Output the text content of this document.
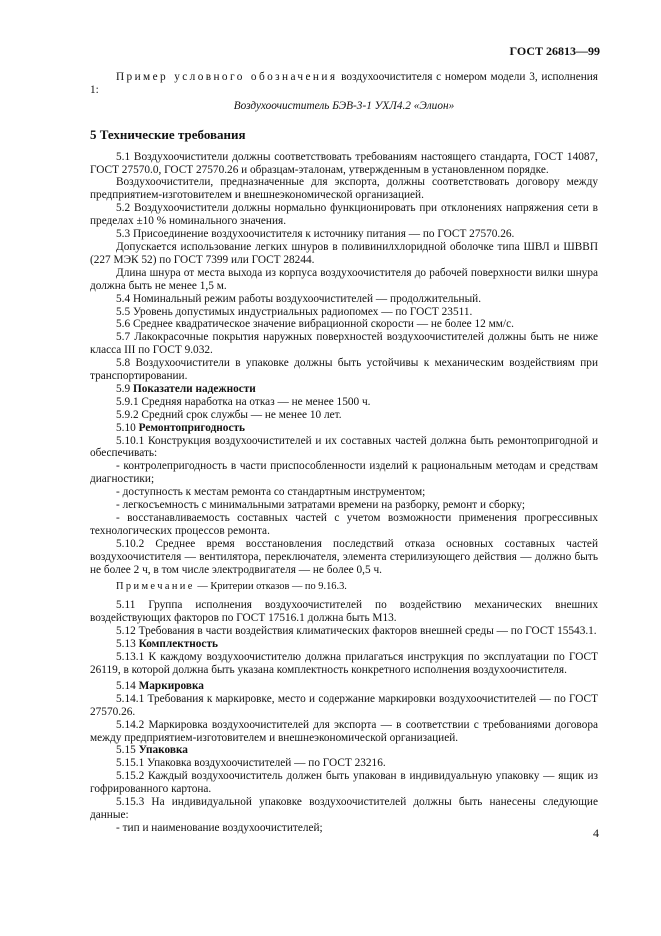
ГОСТ 26813—99

Пример условного обозначения воздухоочистителя с номером модели 3, исполнения 1:

Воздухоочиститель БЭВ-3-1 УХЛ4.2 «Элион»

5 Технические требования

5.1 Воздухоочистители должны соответствовать требованиям настоящего стандарта, ГОСТ 14087, ГОСТ 27570.0, ГОСТ 27570.26 и образцам-эталонам, утвержденным в установленном порядке.

Воздухоочистители, предназначенные для экспорта, должны соответствовать договору между предприятием-изготовителем и внешнеэкономической организацией.

5.2 Воздухоочистители должны нормально функционировать при отклонениях напряжения сети в пределах ±10 % номинального значения.

5.3 Присоединение воздухоочистителя к источнику питания — по ГОСТ 27570.26.

Допускается использование легких шнуров в поливинилхлоридной оболочке типа ШВЛ и ШВВП (227 МЭК 52) по ГОСТ 7399 или ГОСТ 28244.

Длина шнура от места выхода из корпуса воздухоочистителя до рабочей поверхности вилки шнура должна быть не менее 1,5 м.

5.4 Номинальный режим работы воздухоочистителей — продолжительный.

5.5 Уровень допустимых индустриальных радиопомех — по ГОСТ 23511.

5.6 Среднее квадратическое значение вибрационной скорости — не более 12 мм/с.

5.7 Лакокрасочные покрытия наружных поверхностей воздухоочистителей должны быть не ниже класса III по ГОСТ 9.032.

5.8 Воздухоочистители в упаковке должны быть устойчивы к механическим воздействиям при транспортировании.

5.9 Показатели надежности

5.9.1 Средняя наработка на отказ — не менее 1500 ч.

5.9.2 Средний срок службы — не менее 10 лет.

5.10 Ремонтопригодность

5.10.1 Конструкция воздухоочистителей и их составных частей должна быть ремонтопригодной и обеспечивать:

- контролепригодность в части приспособленности изделий к рациональным методам и средствам диагностики;

- доступность к местам ремонта со стандартным инструментом;

- легкосъемность с минимальными затратами времени на разборку, ремонт и сборку;

- восстанавливаемость составных частей с учетом возможности применения прогрессивных технологических процессов ремонта.

5.10.2 Среднее время восстановления последствий отказа основных составных частей воздухоочистителя — вентилятора, переключателя, элемента стерилизующего действия — должно быть не более 2 ч, в том числе электродвигателя — не более 0,5 ч.

Примечание — Критерии отказов — по 9.16.3.

5.11 Группа исполнения воздухоочистителей по воздействию механических внешних воздействующих факторов по ГОСТ 17516.1 должна быть М13.

5.12 Требования в части воздействия климатических факторов внешней среды — по ГОСТ 15543.1.

5.13 Комплектность

5.13.1 К каждому воздухоочистителю должна прилагаться инструкция по эксплуатации по ГОСТ 26119, в которой должна быть указана комплектность конкретного исполнения воздухоочистителя.

5.14 Маркировка

5.14.1 Требования к маркировке, место и содержание маркировки воздухоочистителей — по ГОСТ 27570.26.

5.14.2 Маркировка воздухоочистителей для экспорта — в соответствии с требованиями договора между предприятием-изготовителем и внешнеэкономической организацией.

5.15 Упаковка

5.15.1 Упаковка воздухоочистителей — по ГОСТ 23216.

5.15.2 Каждый воздухоочиститель должен быть упакован в индивидуальную упаковку — ящик из гофрированного картона.

5.15.3 На индивидуальной упаковке воздухоочистителей должны быть нанесены следующие данные:

- тип и наименование воздухоочистителей;	4
